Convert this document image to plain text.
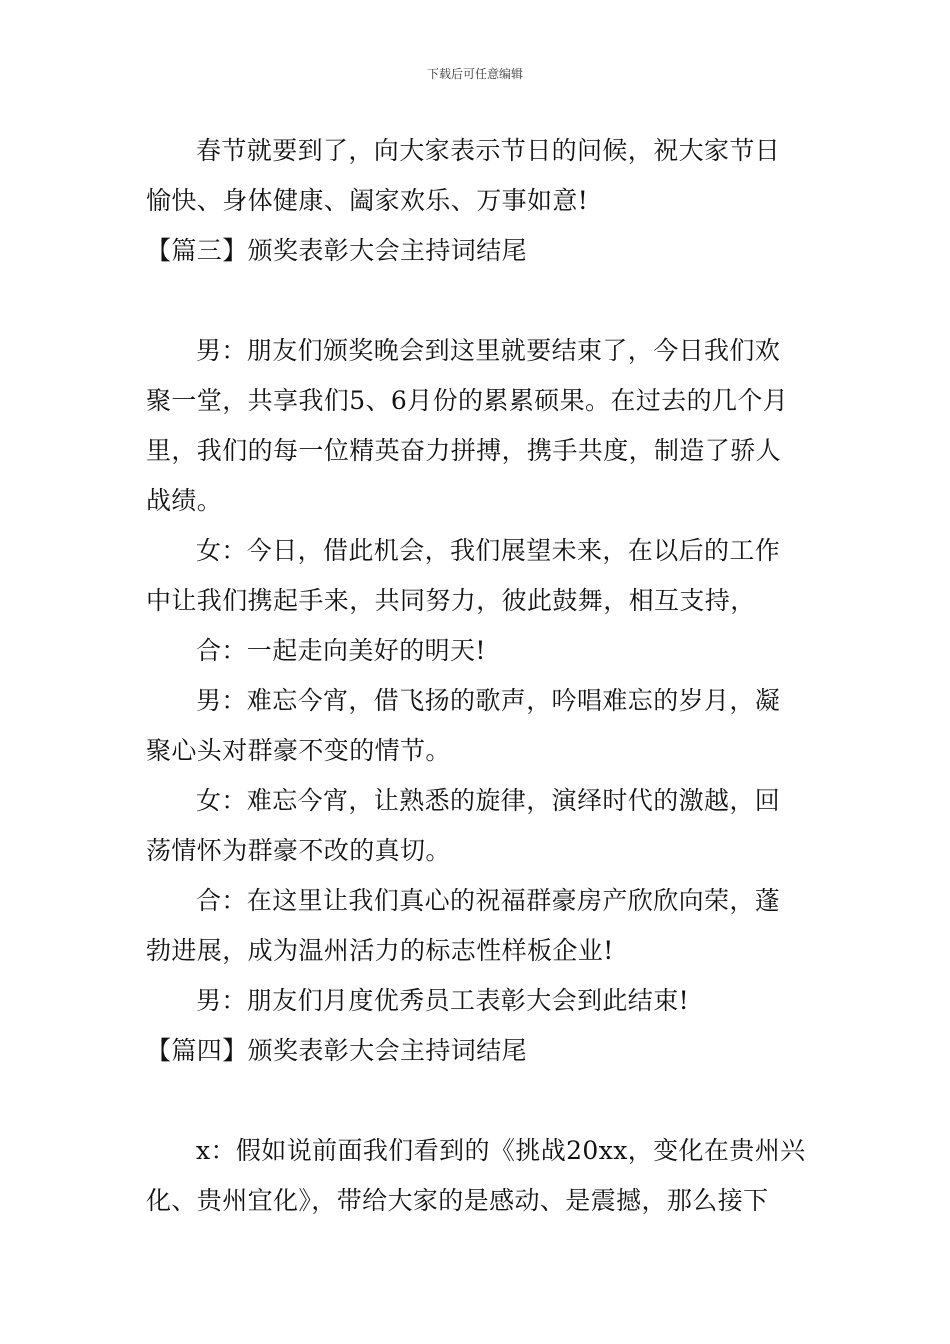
下载后可任意编辑
春节就要到了，向大家表示节日的问候，祝大家节日
愉快、身体健康、阖家欢乐、万事如意!
【篇三】颁奖表彰大会主持词结尾
男：朋友们颁奖晚会到这里就要结束了，今日我们欢
聚一堂，共享我们5、6月份的累累硕果。在过去的几个月
里，我们的每一位精英奋力拼搏，携手共度，制造了骄人
战绩。
女：今日，借此机会，我们展望未来，在以后的工作
中让我们携起手来，共同努力，彼此鼓舞，相互支持，
合：一起走向美好的明天!
男：难忘今宵，借飞扬的歌声，吟唱难忘的岁月，凝
聚心头对群豪不变的情节。
女：难忘今宵，让熟悉的旋律，演绎时代的激越，回
荡情怀为群豪不改的真切。
合：在这里让我们真心的祝福群豪房产欣欣向荣，蓬
勃进展，成为温州活力的标志性样板企业!
男：朋友们月度优秀员工表彰大会到此结束!
【篇四】颁奖表彰大会主持词结尾
x：假如说前面我们看到的《挑战20xx，变化在贵州兴
化、贵州宜化》，带给大家的是感动、是震撼，那么接下
